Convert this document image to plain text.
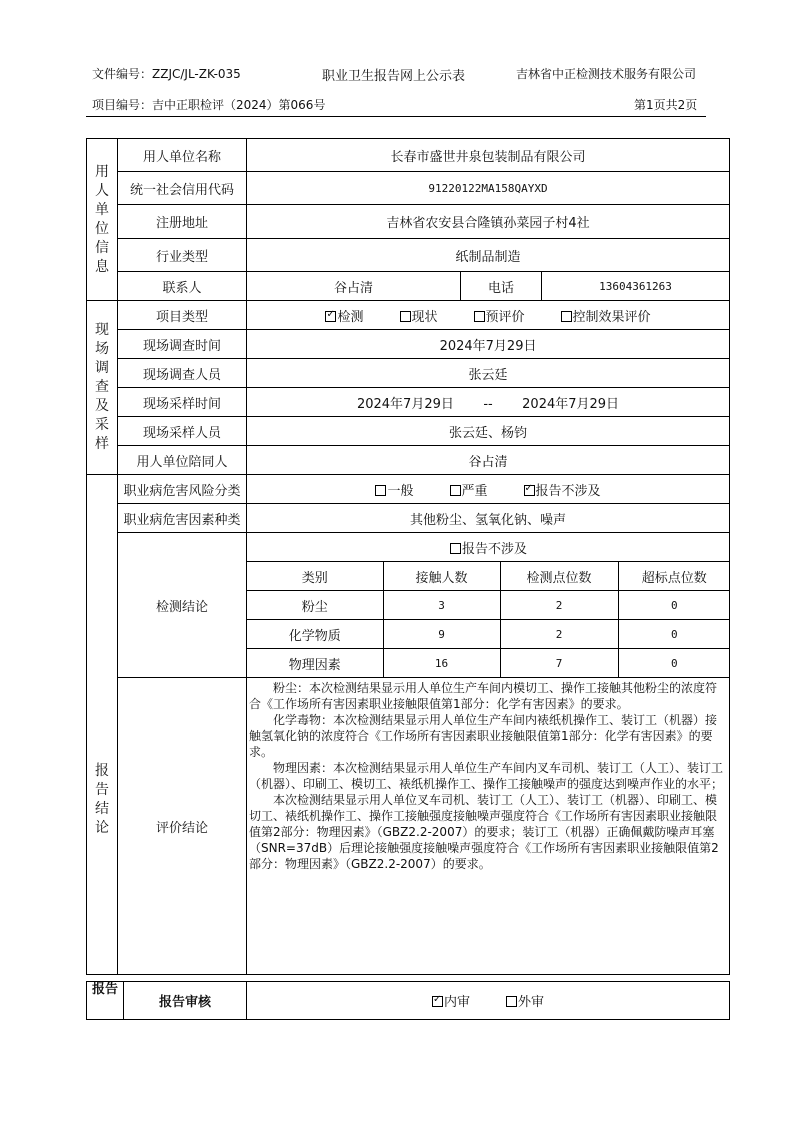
文件编号：ZZJC/JL-ZK-035	职业卫生报告网上公示表	吉林省中正检测技术服务有限公司
项目编号：吉中正职检评（2024）第066号	第1页共2页
用
人
单
位
信
息
	用人单位名称	长春市盛世井泉包装制品有限公司
统一社会信用代码	91220122MA158QAYXD
注册地址	吉林省农安县合隆镇孙菜园子村4社
行业类型	纸制品制造
联系人	谷占清	电话	13604361263

现
场
调
查
及
采
样
	项目类型	✓检测	现状	预评价	控制效果评价
现场调查时间	2024年7月29日
现场调查人员	张云廷
现场采样时间	2024年7月29日 -- 2024年7月29日
现场采样人员	张云廷、杨钧
用人单位陪同人	谷占清

报
告
结
论
	职业病危害风险分类	一般	严重✓	报告不涉及
职业病危害因素种类	其他粉尘、氢氧化钠、噪声
检测结论	
报告不涉及
类别	接触人数	检测点位数	超标点位数
粉尘	3	2	0
化学物质	9	2	0
物理因素	16	7	0

评价结论	

粉尘：本次检测结果显示用人单位生产车间内模切工、操作工接触其他粉尘的浓度符合《工作场所有害因素职业接触限值第1部分：化学有害因素》的要求。

化学毒物：本次检测结果显示用人单位生产车间内裱纸机操作工、装订工（机器）接触氢氧化钠的浓度符合《工作场所有害因素职业接触限值第1部分：化学有害因素》的要求。

物理因素：本次检测结果显示用人单位生产车间内叉车司机、装订工（人工）、装订工（机器）、印刷工、模切工、裱纸机操作工、操作工接触噪声的强度达到噪声作业的水平；

本次检测结果显示用人单位叉车司机、装订工（人工）、装订工（机器）、印刷工、模切工、裱纸机操作工、操作工接触强度接触噪声强度符合《工作场所有害因素职业接触限值第2部分：物理因素》（GBZ2.2-2007）的要求；装订工（机器）正确佩戴防噪声耳塞（SNR=37dB）后理论接触强度接触噪声强度符合《工作场所有害因素职业接触限值第2部分：物理因素》（GBZ2.2-2007）的要求。

报告	报告审核	✓内审	外审
